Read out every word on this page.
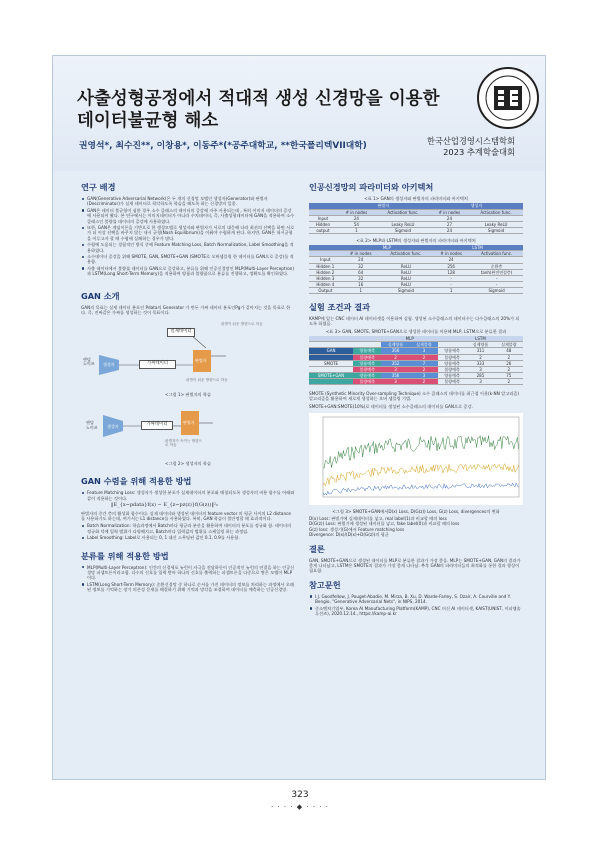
사출성형공정에서 적대적 생성 신경망을 이용한
데이터불균형 해소
권영석*, 최수진**, 이창용*, 이동주*(*공주대학교, **한국폴리텍VII대학)	한국산업경영시스템학회
2023 추계학술대회
연구 배경
GAN(Generative Adversarial Network)은 두 개의 신경망 모델인 생성자(Generator)와 판별자(Descriminator)가 실제 데이터로 착각하도록 학습을 해도록 하는 신경망의 일종.
GAN은 데이터 불균형이 심한 경우 소수 클래스의 데이터의 증강에 자주 사용되는데 , 특히 이미지 데이터의 증강에 사용되어 왔다. 본 연구에서는 이미지데이터가 아니라 수치데이터, 즉, 사출성형데이터에 GAN을 적용하여 소수 클래스인 불량률 데이터의 증강에 사용하였다.
또한, GAN은 게임이론을 기반으로 한 생성모델로 생성자와 판별자가 서로의 대응해 다라 최선의 선택을 하면 서로가 더 이상 선택을 바꾸지 않는 내시 균형(Nash Equilibrium)을 이뤄야 수렴하게 된다. 하지만, GAN은 내시균형을 이루고자 할 때 수렴에 실패하는 경우가 많다.
수렴에 도움되는 경험적인 방식 중에 Feature Matching Loss, Batch Normalization, Label Smoothing을 적용하였다.
소수데이터 증강을 위해 SMOTE, GAN, SMOTE+GAN (SMOTE로 오버샘플링 한 데이터를 GAN으로 증강)를 적용함.
사출 데이터에서 불량률 데이터를 GAN으로 증강하고, 분류를 위해 인공신경망인 MLP(Multi-Layer Perceptron)과 LSTM(Long Short-Term Memory)을 적용하여 양품과 불량품으로 분류를 진행하고, 정확도를 확인하였다.
GAN 소개
GAN의 목표는 실제 데이터 분포인 Pdata의 Generator 가 만든 가짜 데이터 분포인Pg가 같아지는 것을 목표로 한다. 즉, 진짜같은 가짜를 생성하는 것이 목표이다.
실제데이터
가짜데이터
랜덤
노이즈 생성자
판별자
판별이 쉬운 방향으로 학습
판별이 쉬운 방향으로 학습
<그림 1> 판별자의 학습
가짜데이터
랜덤
노이즈 생성자
판별자
판별자가 속이는 방향으로 학습
<그림 2> 생성자의 학습
GAN 수렴을 위해 적용한 방법
Feature Matching Loss: 생성자가 생성한 분포가 실제데이터의 분포와 매칭되도록 생성자의 비용 함수를 아래와 같이 적용하는 것이다.
‖E_{x~pdata}f(x) − E_{z~pz(z)}f(G(z))‖²₂
판별자의 중간 층의 활성화 함수이다. 실제 데이터와 생성된 데이터의 feature vector 의 평균 사이의 L2 distance를 사용하기도 하는데, 여기서는 L1 distance를 사용하였다. 특히, GAN 학습이 불안정할 때 효과적이다.
Batch Normalization: 학습과정에서 Batch마다 평균과 분산을 활용하여 데이터의 분포를 정규화 함. 데이터의 정규화 덕에 입력 범위가 다양해지고, Batch마다 입력값의 범위를 스케일링 하는 과정임.
Label Smoothing: Label로 사용되는 0, 1 대신 스무딩된 값인 0.1, 0.9를 사용함.
분류를 위해 적용한 방법
MLP(Multi-Layer Perceptron): 인간의 신경세포 뉴런이 자극을 전달하듯이 인공적인 뉴런의 연결을 하는 인공신경망 퍼셉트론이라고함. 다수의 신호를 입력 받아 하나의 신호를 출력하는 퍼셉트론을 다중으로 쌓은 모델이 MLP 이다.
LSTM(Long Short-Term Memory): 순환신경망 중 하나로 순서를 가진 데이터의 정보를 처리하는 과정에서 오래된 정보를 기억하는 장기 의존성 문제를 해결하기 위해 기억과 망각을 조절하여 데이터를 예측하는 인공신경망.
인공신경망의 파라미터와 아키텍처
<표 1> GAN의 생성자와 판별자의 파라미터와 아키텍처
	판별자		생성자	
	# in nodes	Activation func.	# in nodes	Activation func.
Input	24		24	
Hidden	54	Leaky ReLU	27	Leaky ReLU
output	1	Sigmoid	24	Sigmoid
<표 2> MLP와 LSTM의 생성자와 판별자의 파라미터와 아키텍처
	MLP		LSTM	
	# in nodes	Activation func.	# in nodes	Activation func.
Input	24		24	
Hidden 1	32	ReLU	256	순환층
Hidden 2	64	ReLU	128	tanh(완전연결층)
Hidden 3	32	ReLU	-	-
Hidden 4	16	ReLU	-	-
Output	1	Sigmoid	1	Sigmoid
실험 조건과 결과
KAMP에 있는 CNC 데이터 AI 데이터셋을 이용하여 실험. 생성된 소수클래스의 데이터수는 다수클래스의 20%가 되도록 하였음.
<표 3> GAN, SMOTE, SMOTE+GAN으로 생성한 데이터를 이용해 MLP, LSTM으로 분류한 결과
		MLP		LSTM		
		실제양품	실제불량		실제양품	실제불량
GAN	양품예측	356	3	양품예측	311	48
	불량예측	2	2	불량예측	2	2
SMOTE	양품예측	352	7	양품예측	333	26
	불량예측	3	2	불량예측	3	2
SMOTE+GAN	양품예측	356	3	양품예측	285	75
	불량예측	3	2	불량예측	3	2
SMOTE (Synthetic Minority Over-sampling Technique) 소수 클래스의 데이터를 최근접 이웃(k-NN 알고리즘) 알고리즘을 활용하여 새로게 생성하는 오버 샘플링 기법.
SMOTE+GAN:SMOTE(10%)로 데이터를 생성된 소수클래스의 데이터를 GAN으로 증강.
<그림 3> SMOTE+GAN에서D(x) Loss, D(G(z)) Loss, G(z) Loss, divergences의 변화
D(x) Loss: 판별기에 실제데이터를 넣고, real label(1)과 비교할 때의 loss
D(G(z)) Loss: 판별기에 생성된 데이터를 넣고, fake label(0)과 비교할 때의 loss
G(z) loss: 생성기(G)에서 Feature matching loss
Divergence: D(x)/(D(x)+D(G(z))의 평균
결론
GAN, SMOTE+GAN으로 생성된 데이터를 MLP로 분류한 결과가 가장 좋음. MLP는 SMOTE+GAN, GAN의 결과가 좋게 나타났고, LSTM은 SMOTE의 결과가 가장 좋게 나타남. 추후 GAN의 파라미터들의 최적화를 통한 결과 향상이 필요함.
참고문헌
I.J. Goodfellow, J. Pouget-Abadie, M. Mirza, B. Xu, D. Warde-Farley, S. Ozair, A. Courville and Y. Bengio, "Generative Adversarial Nets", in NIPS, 2014.
중소벤처기업부, Korea AI Manufacturing Platform(KAMP), CNC 머신 AI 데이터셋, KAIST(UNIST, 이피엠솔루션즈), 2020.12.14., https://kamp-ai.kr
323
· · · · ◆ · · · ·
